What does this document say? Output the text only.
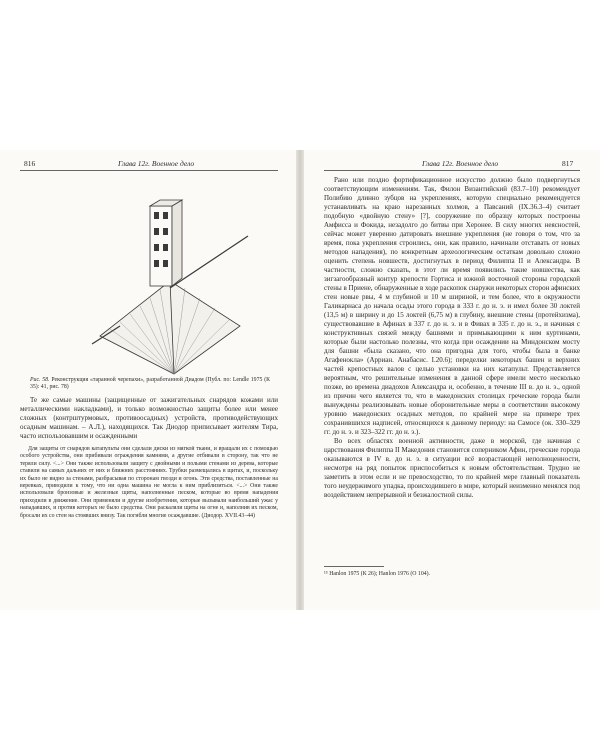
816	Глава 12г. Военное дело
Рис. 58. Реконструкция «таранной черепахи», разработанной Диадом (Публ. по: Lendle 1975 (К 35): 41, рис. 78)

Те же самые машины (защищенные от зажигательных снарядов кожами или металлическими накладками), и только возможностью защиты более или менее сложных (контрштурмовых, противоосадных) устройств, противодействующих осадным машинам. – А.Л.), находящихся. Так Диодор приписывает жителям Тира, часто использовавшим и осажденными

Для защиты от снарядов катапульты они сделали диски из мягкой ткани, и вращали их с помощью особого устройства, они прибивали ограждения камнями, а другие отбивали в сторону, так что не теряли силу. <...> Они также использовали защиту с двойными и полыми стенами из дерева, которые ставили на самых дальних от них и ближних расстояниях. Трубки размещались в щитах, и, поскольку их было не видно за стенами, разбрасывая по сторонам гвозди и огонь. Эти средства, поставленные на веревках, приводили к тому, что ни одна машина не могла к ним приблизиться. <...> Они также использовали бронзовые и железные щиты, наполненные песком, которые во время нападения приходили в движение. Они применяли и другие изобретения, которые вызывали наибольший ужас у нападавших, и против которых не было средства. Они раскаляли щиты на огне и, наполнив их песком, бросали их со стен на стоявших внизу. Так погибли многие осаждавшие. (Диодор. XVII.43–44)

Глава 12г. Военное дело	817

Рано или поздно фортификационное искусство должно было подвергнуться соответствующим изменениям. Так, Филон Византийский (83.7–10) рекомендует Полибию длинно зубцов на укреплениях, которую специально рекомендуется устанавливать на краю нарезанных холмов, а Павсаний (IX.36.3–4) считает подобную «двойную стену» [?], сооружение по образцу которых построены Амфисса и Фокида, незадолго до битвы при Херонее. В силу многих неясностей, сейчас может уверенно датировать внешние укрепления (не говоря о том, что за время, пока укрепления строились, они, как правило, начинали отставать от новых методов нападения), по конкретным археологическим остаткам довольно сложно оценить степень новшеств, достигнутых в период Филиппа II и Александра. В частности, сложно сказать, в этот ли время появились такие новшества, как зигзагообразный контур крепости Гортиса и южной восточной стороны городской стены в Приене, обнаруженные в ходе раскопок снаружи некоторых сторон афинских стен новые рвы, 4 м глубиной и 10 м шириной, и тем более, что в окружности Галикарнаса до начала осады этого города в 333 г. до н. э. и имел более 30 локтей (13,5 м) в ширину и до 15 локтей (6,75 м) в глубину, внешние стены (протейхизма), существовавшие в Афинах в 337 г. до н. э. и в Фивах в 335 г. до н. э., и начиная с конструктивных связей между башнями и примыкающими к ним куртинами, которые были настолько полезны, что когда при осаждении на Миндонском мосту для башни «была сказано, что она пригодна для того, чтобы была в банке Агафенокла» (Арриан. Анабасис. I.20.6); переделки некоторых башен и верхних частей крепостных валов с целью установки на них катапульт. Представляется вероятным, что решительные изменения в данной сфере имели место несколько позже, во времена диадохов Александра и, особенно, в течение III в. до н. э., одной из причин чего является то, что в македонских столицах греческие города были вынуждены реализовывать новые оборонительные меры в соответствии высокому уровню македонских осадных методов, по крайней мере на примере трех сохранившихся надписей, относящихся к данному периоду: на Самосе (ок. 330–329 гг. до н. э. и 323–322 гг. до н. э.).

Во всех областях военной активности, даже в морской, где начиная с царствования Филиппа II Македония становится соперником Афин, греческие города оказываются в IV в. до н. э. в ситуации всё возрастающей неполноценности, несмотря на ряд попыток приспособиться к новым обстоятельствам. Трудно не заметить в этом если и не превосходство, то по крайней мере главный показатель того неудержимого упадка, происходившего в мире, который неизменно менялся под воздействием непрерывной и безжалостной силы.

¹⁵ Hanlon 1975 (К 26); Hanlon 1976 (О 104).
